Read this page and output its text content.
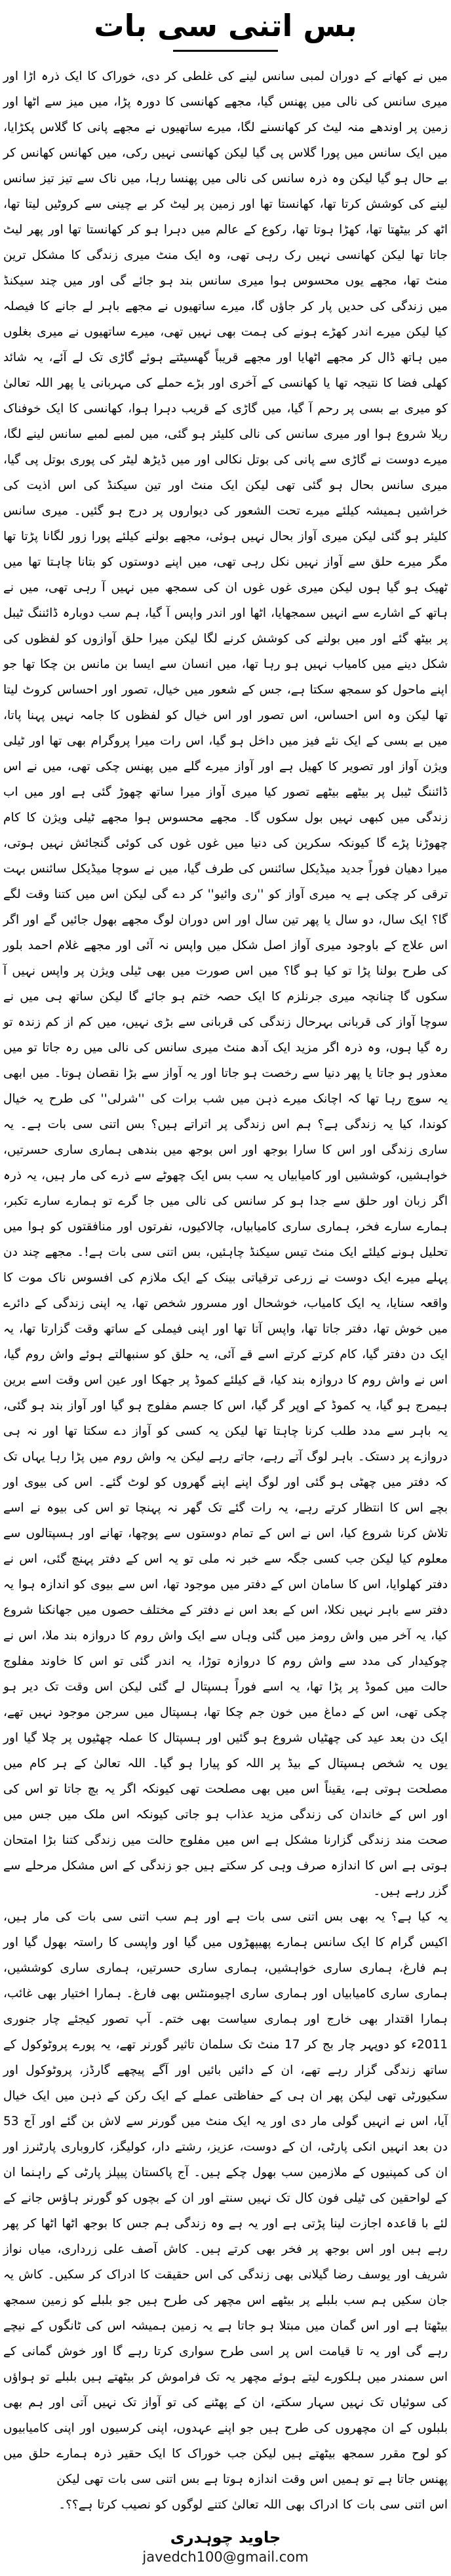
بس اتنی سی بات

میں نے کھانے کے دوران لمبی سانس لینے کی غلطی کر دی، خوراک کا ایک ذرہ اڑا اور میری سانس کی نالی میں پھنس گیا، مجھے کھانسی کا دورہ پڑا، میں میز سے اٹھا اور زمین پر اوندھے منہ لیٹ کر کھانسنے لگا، میرے ساتھیوں نے مجھے پانی کا گلاس پکڑایا، میں ایک سانس میں پورا گلاس پی گیا لیکن کھانسی نہیں رکی، میں کھانس کھانس کر بے حال ہو گیا لیکن وہ ذرہ سانس کی نالی میں پھنسا رہا، میں ناک سے تیز تیز سانس لینے کی کوشش کرتا تھا، کھانستا تھا اور زمین پر لیٹ کر بے چینی سے کروٹیں لیتا تھا، اٹھ کر بیٹھتا تھا، کھڑا ہوتا تھا، رکوع کے عالم میں دہرا ہو کر کھانستا تھا اور پھر لیٹ جاتا تھا لیکن کھانسی نہیں رک رہی تھی، وہ ایک منٹ میری زندگی کا مشکل ترین منٹ تھا، مجھے یوں محسوس ہوا میری سانس بند ہو جائے گی اور میں چند سیکنڈ میں زندگی کی حدیں پار کر جاؤں گا، میرے ساتھیوں نے مجھے باہر لے جانے کا فیصلہ کیا لیکن میرے اندر کھڑے ہونے کی ہمت بھی نہیں تھی، میرے ساتھیوں نے میری بغلوں میں ہاتھ ڈال کر مجھے اٹھایا اور مجھے قریباً گھسیٹتے ہوئے گاڑی تک لے آئے، یہ شائد کھلی فضا کا نتیجہ تھا یا کھانسی کے آخری اور بڑے حملے کی مہربانی یا پھر اللہ تعالیٰ کو میری بے بسی پر رحم آ گیا، میں گاڑی کے قریب دہرا ہوا، کھانسی کا ایک خوفناک ریلا شروع ہوا اور میری سانس کی نالی کلیئر ہو گئی، میں لمبے لمبے سانس لینے لگا، میرے دوست نے گاڑی سے پانی کی بوتل نکالی اور میں ڈیڑھ لیٹر کی پوری بوتل پی گیا، میری سانس بحال ہو گئی تھی لیکن ایک منٹ اور تین سیکنڈ کی اس اذیت کی خراشیں ہمیشہ کیلئے میرے تحت الشعور کی دیواروں پر درج ہو گئیں۔ میری سانس کلیئر ہو گئی لیکن میری آواز بحال نہیں ہوئی، مجھے بولنے کیلئے پورا زور لگانا پڑتا تھا مگر میرے حلق سے آواز نہیں نکل رہی تھی، میں اپنے دوستوں کو بتانا چاہتا تھا میں ٹھیک ہو گیا ہوں لیکن میری غوں غوں ان کی سمجھ میں نہیں آ رہی تھی، میں نے ہاتھ کے اشارے سے انہیں سمجھایا، اٹھا اور اندر واپس آ گیا، ہم سب دوبارہ ڈائننگ ٹیبل پر بیٹھ گئے اور میں بولنے کی کوشش کرنے لگا لیکن میرا حلق آوازوں کو لفظوں کی شکل دینے میں کامیاب نہیں ہو رہا تھا، میں انسان سے ایسا بن مانس بن چکا تھا جو اپنے ماحول کو سمجھ سکتا ہے، جس کے شعور میں خیال، تصور اور احساس کروٹ لیتا تھا لیکن وہ اس احساس، اس تصور اور اس خیال کو لفظوں کا جامہ نہیں پہنا پاتا، میں بے بسی کے ایک نئے فیز میں داخل ہو گیا، اس رات میرا پروگرام بھی تھا اور ٹیلی ویژن آواز اور تصویر کا کھیل ہے اور آواز میرے گلے میں پھنس چکی تھی، میں نے اس ڈائننگ ٹیبل پر بیٹھے بیٹھے تصور کیا میری آواز میرا ساتھ چھوڑ گئی ہے اور میں اب زندگی میں کبھی نہیں بول سکوں گا۔ مجھے محسوس ہوا مجھے ٹیلی ویژن کا کام چھوڑنا پڑے گا کیونکہ سکرین کی دنیا میں غوں غوں کی کوئی گنجائش نہیں ہوتی، میرا دھیان فوراً جدید میڈیکل سائنس کی طرف گیا، میں نے سوچا میڈیکل سائنس بہت ترقی کر چکی ہے یہ میری آواز کو ''ری وائیو'' کر دے گی لیکن اس میں کتنا وقت لگے گا؟ ایک سال، دو سال یا پھر تین سال اور اس دوران لوگ مجھے بھول جائیں گے اور اگر اس علاج کے باوجود میری آواز اصل شکل میں واپس نہ آئی اور مجھے غلام احمد بلور کی طرح بولنا پڑا تو کیا ہو گا؟ میں اس صورت میں بھی ٹیلی ویژن پر واپس نہیں آ سکوں گا چنانچہ میری جرنلزم کا ایک حصہ ختم ہو جائے گا لیکن ساتھ ہی میں نے سوچا آواز کی قربانی بہرحال زندگی کی قربانی سے بڑی نہیں، میں کم از کم زندہ تو رہ گیا ہوں، وہ ذرہ اگر مزید ایک آدھ منٹ میری سانس کی نالی میں رہ جاتا تو میں معذور ہو جاتا یا پھر دنیا سے رخصت ہو جاتا اور یہ آواز سے بڑا نقصان ہوتا۔ میں ابھی یہ سوچ رہا تھا کہ اچانک میرے ذہن میں شب برات کی ''شرلی'' کی طرح یہ خیال کوندا، کیا یہ زندگی ہے؟ ہم اس زندگی پر اتراتے ہیں؟ بس اتنی سی بات ہے۔ یہ ساری زندگی اور اس کا سارا بوجھ اور اس بوجھ میں بندھی ہماری ساری حسرتیں، خواہشیں، کوششیں اور کامیابیاں یہ سب بس ایک چھوٹے سے ذرے کی مار ہیں، یہ ذرہ اگر زبان اور حلق سے جدا ہو کر سانس کی نالی میں جا گرے تو ہمارے سارے تکبر، ہمارے سارے فخر، ہماری ساری کامیابیاں، چالاکیوں، نفرتوں اور منافقتوں کو ہوا میں تحلیل ہونے کیلئے ایک منٹ تیس سیکنڈ چاہئیں، بس اتنی سی بات ہے!۔ مجھے چند دن پہلے میرے ایک دوست نے زرعی ترقیاتی بینک کے ایک ملازم کی افسوس ناک موت کا واقعہ سنایا، یہ ایک کامیاب، خوشحال اور مسرور شخص تھا، یہ اپنی زندگی کے دائرے میں خوش تھا، دفتر جاتا تھا، واپس آتا تھا اور اپنی فیملی کے ساتھ وقت گزارتا تھا، یہ ایک دن دفتر گیا، کام کرتے کرتے اسے قے آئی، یہ حلق کو سنبھالتے ہوئے واش روم گیا، اس نے واش روم کا دروازہ بند کیا، قے کیلئے کموڈ پر جھکا اور عین اس وقت اسے برین ہیمرج ہو گیا، یہ کموڈ کے اوپر گر گیا، اس کا جسم مفلوج ہو گیا اور آواز بند ہو گئی، یہ باہر سے مدد طلب کرنا چاہتا تھا لیکن یہ کسی کو آواز دے سکتا تھا اور نہ ہی دروازے پر دستک۔ باہر لوگ آتے رہے، جاتے رہے لیکن یہ واش روم میں پڑا رہا یہاں تک کہ دفتر میں چھٹی ہو گئی اور لوگ اپنے اپنے گھروں کو لوٹ گئے۔ اس کی بیوی اور بچے اس کا انتظار کرتے رہے، یہ رات گئے تک گھر نہ پہنچا تو اس کی بیوہ نے اسے تلاش کرنا شروع کیا، اس نے اس کے تمام دوستوں سے پوچھا، تھانے اور ہسپتالوں سے معلوم کیا لیکن جب کسی جگہ سے خبر نہ ملی تو یہ اس کے دفتر پہنچ گئی، اس نے دفتر کھلوایا، اس کا سامان اس کے دفتر میں موجود تھا، اس سے بیوی کو اندازہ ہوا یہ دفتر سے باہر نہیں نکلا، اس کے بعد اس نے دفتر کے مختلف حصوں میں جھانکنا شروع کیا، یہ آخر میں واش رومز میں گئی وہاں سے ایک واش روم کا دروازہ بند ملا، اس نے چوکیدار کی مدد سے واش روم کا دروازہ توڑا، یہ اندر گئی تو اس کا خاوند مفلوج حالت میں کموڈ پر پڑا تھا، یہ اسے فوراً ہسپتال لے گئی لیکن اس وقت تک دیر ہو چکی تھی، اس کے دماغ میں خون جم چکا تھا، ہسپتال میں سرجن موجود نہیں تھے، ایک دن بعد عید کی چھٹیاں شروع ہو گئیں اور ہسپتال کا عملہ چھٹیوں پر چلا گیا اور یوں یہ شخص ہسپتال کے بیڈ پر اللہ کو پیارا ہو گیا۔ اللہ تعالیٰ کے ہر کام میں مصلحت ہوتی ہے، یقیناً اس میں بھی مصلحت تھی کیونکہ اگر یہ بچ جاتا تو اس کی اور اس کے خاندان کی زندگی مزید عذاب ہو جاتی کیونکہ اس ملک میں جس میں صحت مند زندگی گزارنا مشکل ہے اس میں مفلوج حالت میں زندگی کتنا بڑا امتحان ہوتی ہے اس کا اندازہ صرف وہی کر سکتے ہیں جو زندگی کے اس مشکل مرحلے سے گزر رہے ہیں۔

یہ کیا ہے؟ یہ بھی بس اتنی سی بات ہے اور ہم سب اتنی سی بات کی مار ہیں، اکیس گرام کا ایک سانس ہمارے پھیپھڑوں میں گیا اور واپسی کا راستہ بھول گیا اور ہم فارغ، ہماری ساری خواہشیں، ہماری ساری حسرتیں، ہماری ساری کوششیں، ہماری ساری کامیابیاں اور ہماری ساری اچیومنٹس بھی فارغ۔ ہمارا اختیار بھی غائب، ہمارا اقتدار بھی خارج اور ہماری سیاست بھی ختم۔ آپ تصور کیجئے چار جنوری 2011ء کو دوپہر چار بج کر 17 منٹ تک سلمان تاثیر گورنر تھے، یہ پورے پروٹوکول کے ساتھ زندگی گزار رہے تھے، ان کے دائیں بائیں اور آگے پیچھے گارڈز، پروٹوکول اور سکیورٹی تھی لیکن پھر ان ہی کے حفاظتی عملے کے ایک رکن کے ذہن میں ایک خیال آیا، اس نے انہیں گولی مار دی اور یہ ایک منٹ میں گورنر سے لاش بن گئے اور آج 53 دن بعد انہیں انکی پارٹی، ان کے دوست، عزیز، رشتے دار، کولیگز، کاروباری پارٹنرز اور ان کی کمپنیوں کے ملازمین سب بھول چکے ہیں۔ آج پاکستان پیپلز پارٹی کے راہنما ان کے لواحقین کی ٹیلی فون کال تک نہیں سنتے اور ان کے بچوں کو گورنر ہاؤس جانے کے لئے با قاعدہ اجازت لینا پڑتی ہے اور یہ ہے وہ زندگی ہم جس کا بوجھ اٹھا اٹھا کر پھر رہے ہیں اور اس بوجھ پر فخر بھی کرتے ہیں۔ کاش آصف علی زرداری، میاں نواز شریف اور یوسف رضا گیلانی بھی زندگی کی اس حقیقت کا ادراک کر سکیں۔ کاش یہ جان سکیں ہم سب بلبلے پر بیٹھے اس مچھر کی طرح ہیں جو بلبلے کو زمین سمجھ بیٹھتا ہے اور اس گمان میں مبتلا ہو جاتا ہے یہ زمین ہمیشہ اس کی ٹانگوں کے نیچے رہے گی اور یہ تا قیامت اس پر اسی طرح سواری کرتا رہے گا اور خوش گمانی کے اس سمندر میں ہلکورے لیتے ہوئے مچھر یہ تک فراموش کر بیٹھتے ہیں بلبلے تو ہواؤں کی سوئیاں تک نہیں سہار سکتے، ان کے پھٹنے کی تو آواز تک نہیں آتی اور ہم بھی بلبلوں کے ان مچھروں کی طرح ہیں جو اپنے عہدوں، اپنی کرسیوں اور اپنی کامیابیوں کو لوح مقرر سمجھ بیٹھتے ہیں لیکن جب خوراک کا ایک حقیر ذرہ ہمارے حلق میں پھنس جاتا ہے تو ہمیں اس وقت اندازہ ہوتا ہے بس اتنی سی بات تھی لیکن

اس اتنی سی بات کا ادراک بھی اللہ تعالیٰ کتنے لوگوں کو نصیب کرتا ہے؟؟۔

جاوید چوہدری
javedch100@gmail.com
